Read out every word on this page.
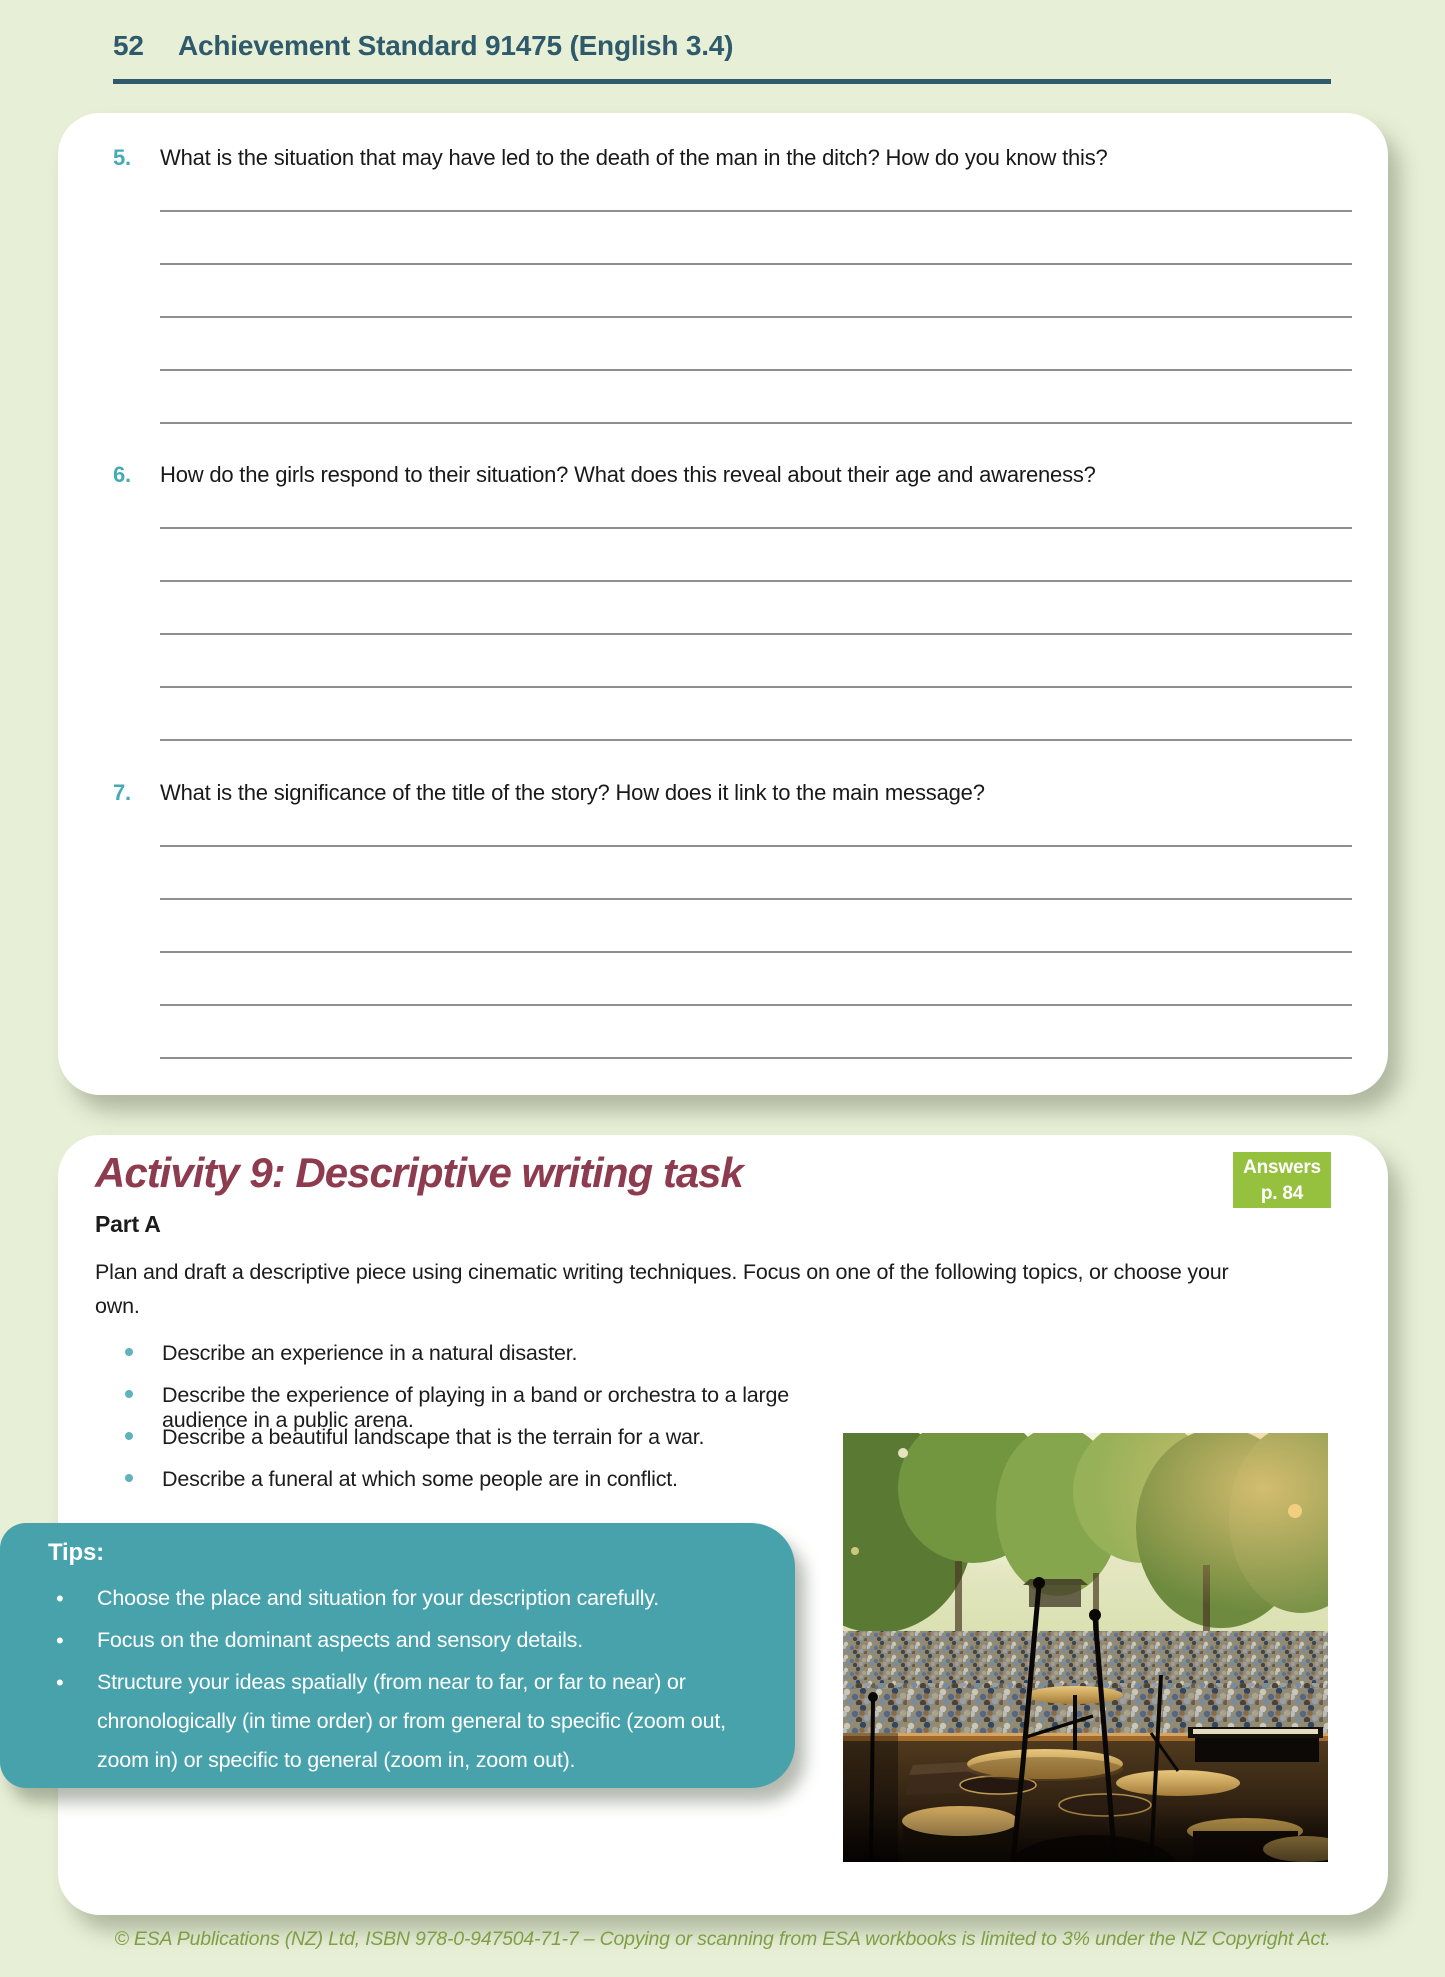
52 Achievement Standard 91475 (English 3.4)
5.	What is the situation that may have led to the death of the man in the ditch? How do you know this?
6.	How do the girls respond to their situation? What does this reveal about their age and awareness?
7.	What is the significance of the title of the story? How does it link to the main message?
Activity 9: Descriptive writing task	Answers
p. 84
Part A
Plan and draft a descriptive piece using cinematic writing techniques. Focus on one of the following topics, or choose your own.
Describe an experience in a natural disaster.
Describe the experience of playing in a band or orchestra to a large audience in a public arena.
Describe a beautiful landscape that is the terrain for a war.
Describe a funeral at which some people are in conflict.
Tips:
• Choose the place and situation for your description carefully.
• Focus on the dominant aspects and sensory details.
• Structure your ideas spatially (from near to far, or far to near) or chronologically (in time order) or from general to specific (zoom out, zoom in) or specific to general (zoom in, zoom out).
© ESA Publications (NZ) Ltd, ISBN 978-0-947504-71-7 – Copying or scanning from ESA workbooks is limited to 3% under the NZ Copyright Act.
